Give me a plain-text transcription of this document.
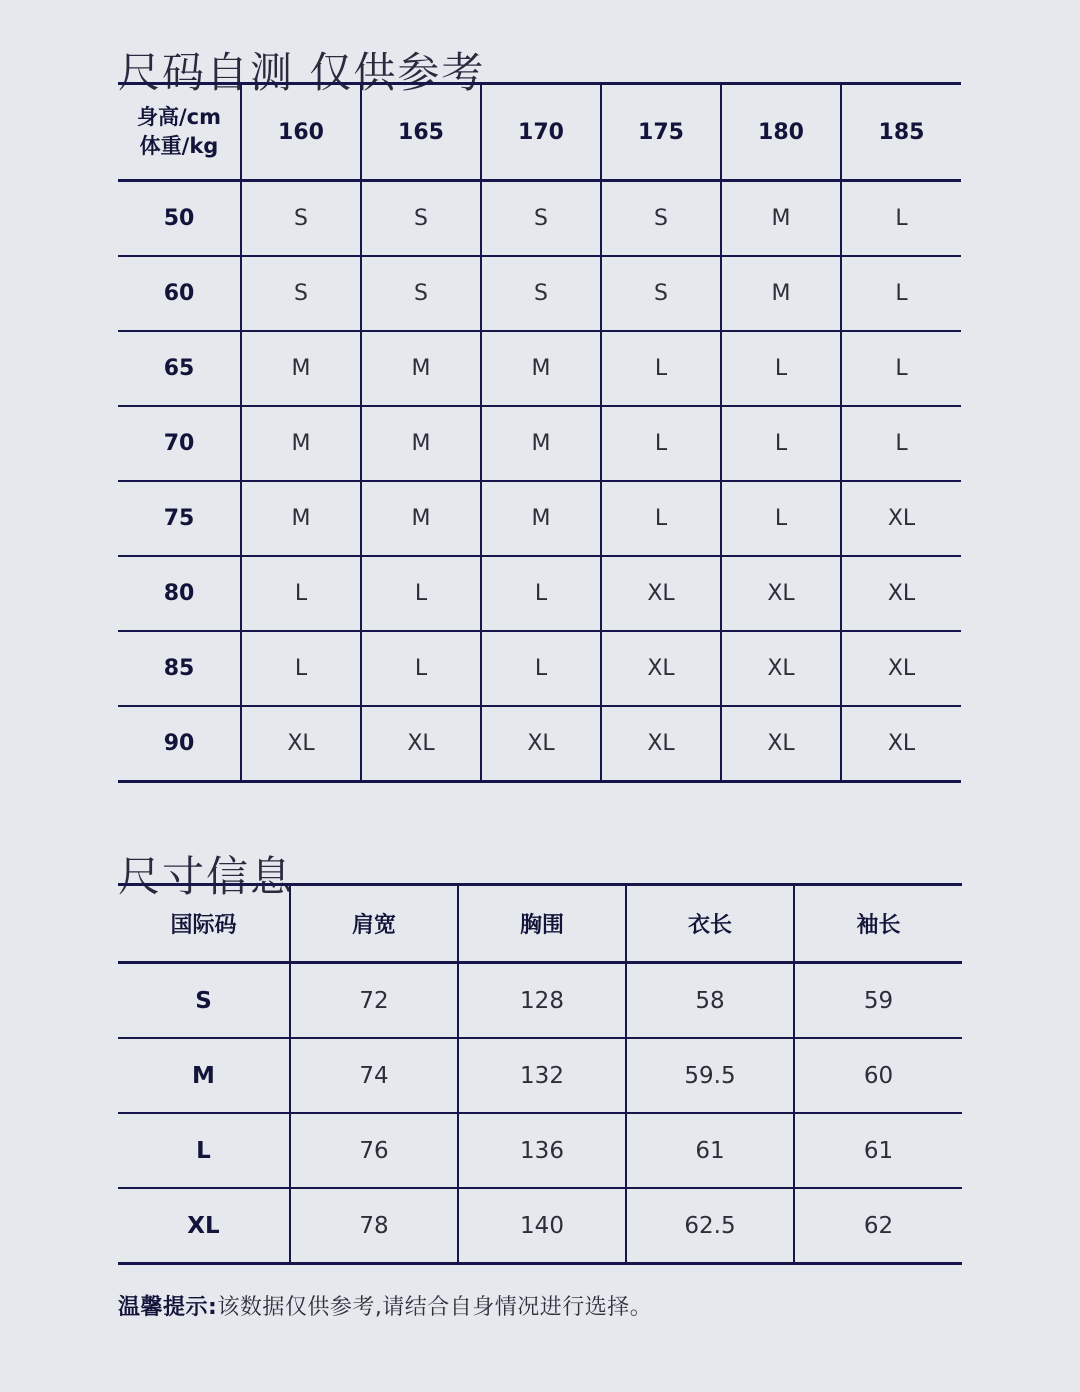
尺码自测 仅供参考
身高/cm
体重/kg	160	165	170	175	180	185
50	S	S	S	S	M	L
60	S	S	S	S	M	L
65	M	M	M	L	L	L
70	M	M	M	L	L	L
75	M	M	M	L	L	XL
80	L	L	L	XL	XL	XL
85	L	L	L	XL	XL	XL
90	XL	XL	XL	XL	XL	XL
尺寸信息
国际码	肩宽	胸围	衣长	袖长
S	72	128	58	59
M	74	132	59.5	60
L	76	136	61	61
XL	78	140	62.5	62
温馨提示:该数据仅供参考,请结合自身情况进行选择。
